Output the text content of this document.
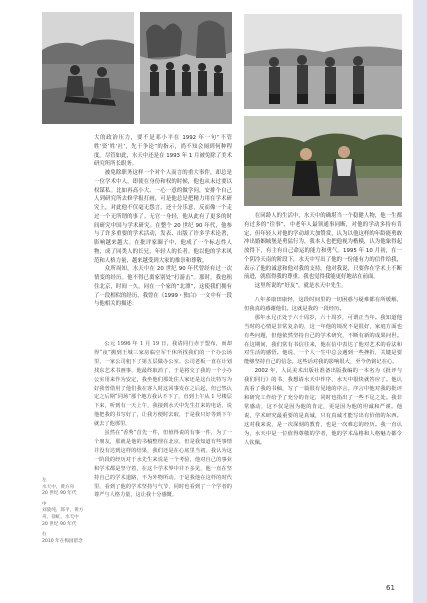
大的政治压力，要不是邓小平在 1992 年一句“不管姓‘资’姓‘社’，先干争论”的指示，尚不知会闹到何种程度。尽管如此，水天中还是在 1993 年 1 月被免除了美术研究所所长职务。

被免除职务这样一个对个人而言的重大事件，却总是一位学术中人，即使在身份和权的时候，他也从未过要以权谋私。比如再高小大、一心一意的做学问，安排个自己人到研究所去修学报打画，可是他总是把精力用在学术研究上，对此他不仅毫无怨言，还十分乐意，反而像一个走过一个无所谓的事了。无官一身轻，他从此有了更多的时间研究中国与学术研究。在整个 20 世纪 90 年代，他参与了许多重要的学术活动，发表、出版了许多学术论著，影响越来越大。在批评家圈子中，他成了一个标志性人物，成了同类人的长兄，年轻人的长者。他以他的学术风范和人格力量，越来越受到大家的推崇和尊敬。

众所周知，水天中在 20 世纪 90 年代曾经有过一次情变的经历。他不得已离家别处“打游击”。那时，我也租住北京，时间一久，同在一个家的“北漂”，这使我们拥有了一段相似的经历，我曾在《1999・独白》一文中有一段与他相关的描述：

公元 1996 年 1 月 19 日，我请同行赤于盟布，而却得“夜”搬到王城三家房临空军干休所找我们的一个办公场里，一家公司租下了第五层做办公室。公司老板一直在计划找东艺术书画事，他最终取消了，于是将交了我的一个小办公室用来作为安定，我坐他们那处住人家还是这台比特写为好我曾借用了他们我在客人时这回事发在之后起，但已然认定之后期“同场”那个地方我认不下了，直到上午从 1 号楼层下来，听到有一天上午，我接到水天中先生打来的电话，说他把我的书写好了，让我方便时去取，于是我只好等到下午就去了他那里。

虽然在“香秀”首先一件，但值得说的有事一件，为了一个朋友，那就是他的书稿整理在北京，但是我知道有些事情并没有达到这样的结果，我们还是在心底里当初。我认为这一阶段的经历对于水先生来说是一个考验，他对自己的事业和学术都是坚守着，在这个学术界中并不多见，他一直在坚持自己的学术道路，不为外物所动。于是我他在这样的时代里，看到了他的学术坚持与气节，同时也看到了一个学者的尊严与人格力量，这让我十分感慨。

在同龄人的生活中，水天中的确堪当一个稳健人物，他一生都有过多的“往事”，中老年人最领通事同断，对他的学动多持有肯定，但年轻人对他的学动却大加赞赏，认为以他这样的年龄能勇敢冲出婚姻城堡是勇猛行为，我本人也把他视为楷模，认为他象得起放得下，有主有自己命运的能力和勇气。1995 年 10 月初，在一个阴冷天南的阶段下，水天中写出了他的一份能有力的信件给我，表示了他的诚意和他对我的支持。他对我说，只要你在学术上不断前进，就值得我的尊重。我也觉得我能更好地站在前面。

这里所说的“好友”，就是水天中先生。

八年多康田康轻，这段时间里的一切困惑与疑难都有所缓解，但我真的感谢他们。这就是我的一段经历。

那年水兄正处于六十周岁，六十周岁，可谓正当年。我知道他当时的心情是非常复杂的，这一年他的境况不是很好，家庭方面也有些问题，但他依然坚持自己的学术研究，不断有新的成果问世。在这期间，我们常有书信往来，他在信中表达了他对艺术的看法和对生活的感悟。他说，一个人一生中总会遇到一些挫折，关键是要能够坚持自己的信念。这些话对我的影响很大，至今仍铭记在心。

2002 年，人民美术出版社准备出版我编的一本名为《批评与我们同行》的书，我想请水天中作序，水天中很快就答应了。他认真看了我的书稿，写了一篇很有见地的序言。序言中他对我的批评和研究工作给予了充分的肯定，同时也指出了一些不足之处。我非常感动，这不仅是因为他的肯定，更是因为他的坦诚和严谨。他说，学术研究最重要的是真诚，只有真诚才能写出有价值的东西。这对我来说，是一次深刻的教育，也是一次难忘的经历。我一直认为，水天中是一位值得尊敬的学者，他的学术品格和人格魅力都令人钦佩。

左
水天中、黄方舟
20 世纪 90 年代
中
刘骁纯、郎平、黄方舟、徐虹、水天中
20 世纪 90 年代
右
2010 年在梅园留念
61
